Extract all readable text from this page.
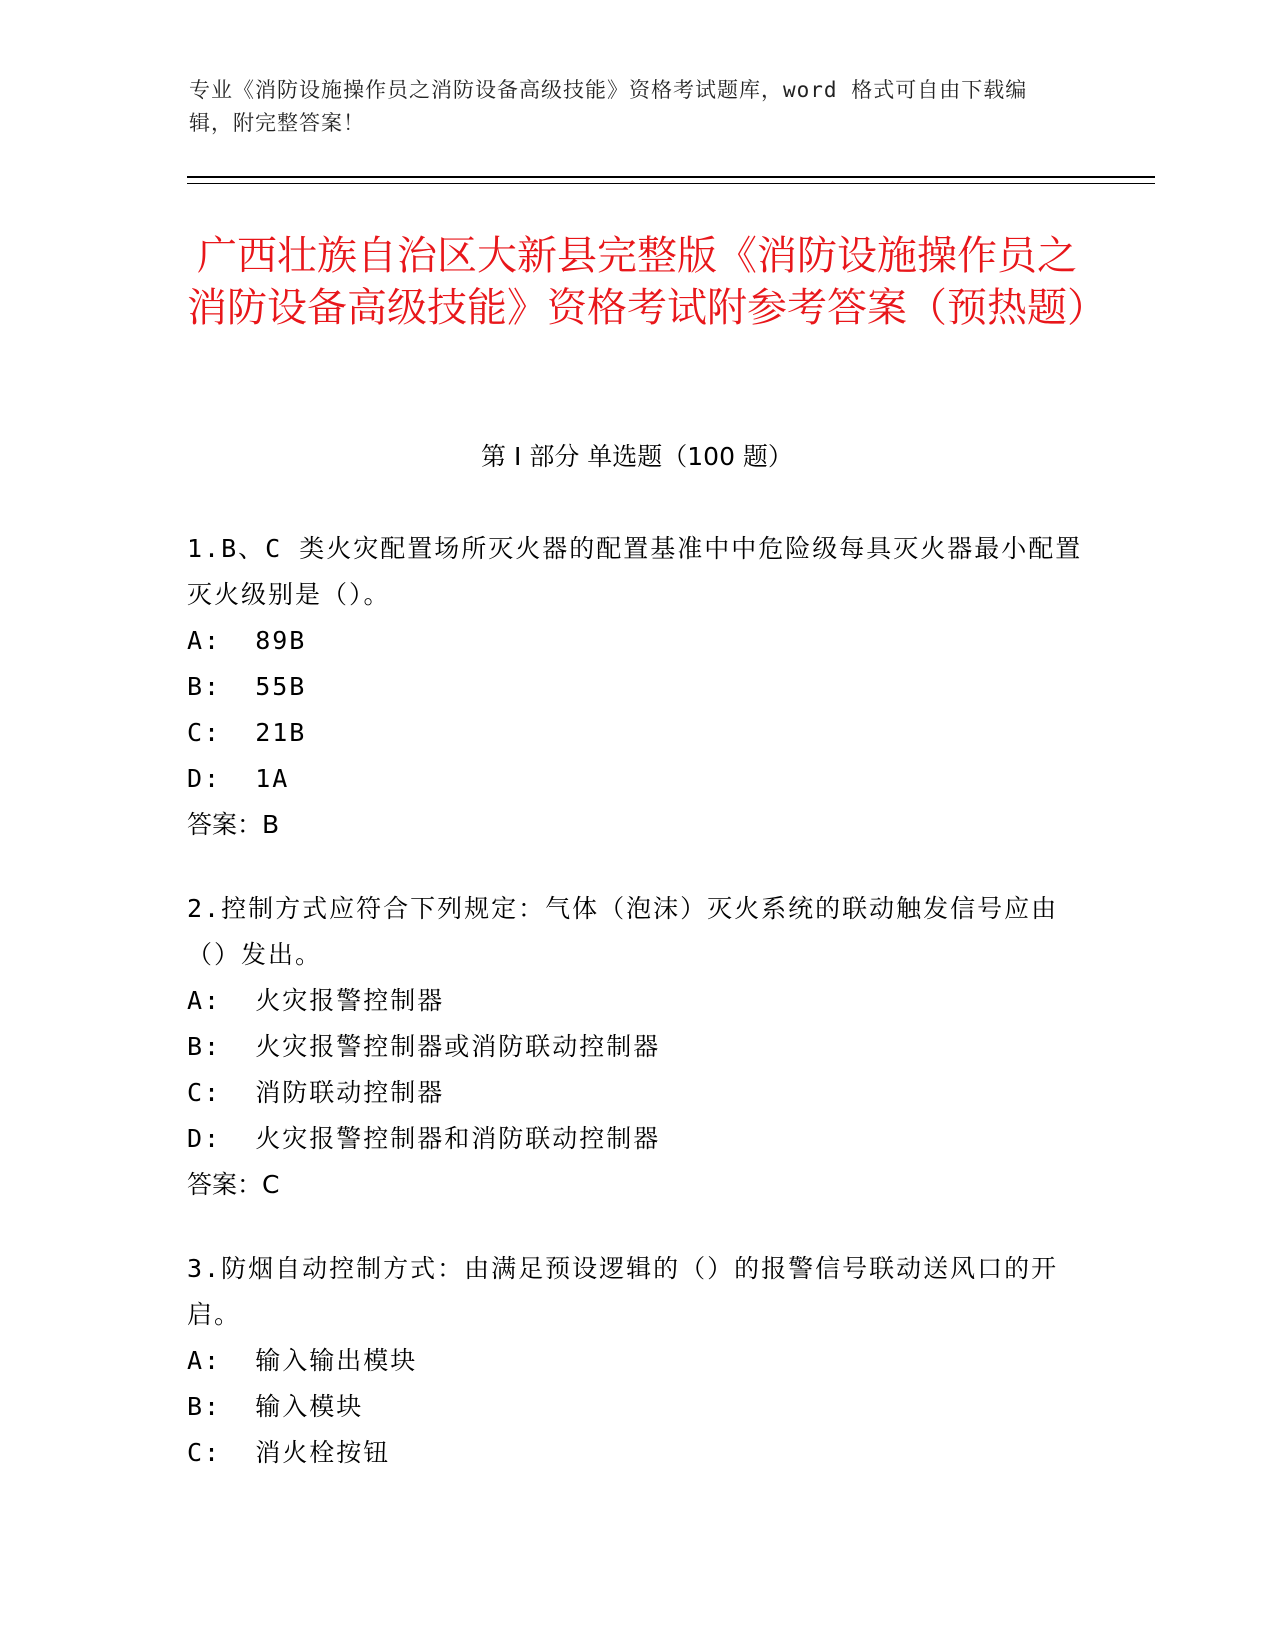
专业《消防设施操作员之消防设备高级技能》资格考试题库，word 格式可自由下载编辑，附完整答案！
广西壮族自治区大新县完整版《消防设施操作员之消防设备高级技能》资格考试附参考答案（预热题）
第 I 部分 单选题（100 题）

1.B、C 类火灾配置场所灭火器的配置基准中中危险级每具灭火器最小配置灭火级别是（）。

A:  89B

B:  55B

C:  21B

D:  1A

答案：B

2.控制方式应符合下列规定：气体（泡沫）灭火系统的联动触发信号应由（）发出。

A:  火灾报警控制器

B:  火灾报警控制器或消防联动控制器

C:  消防联动控制器

D:  火灾报警控制器和消防联动控制器

答案：C

3.防烟自动控制方式：由满足预设逻辑的（）的报警信号联动送风口的开启。

A:  输入输出模块

B:  输入模块

C:  消火栓按钮
